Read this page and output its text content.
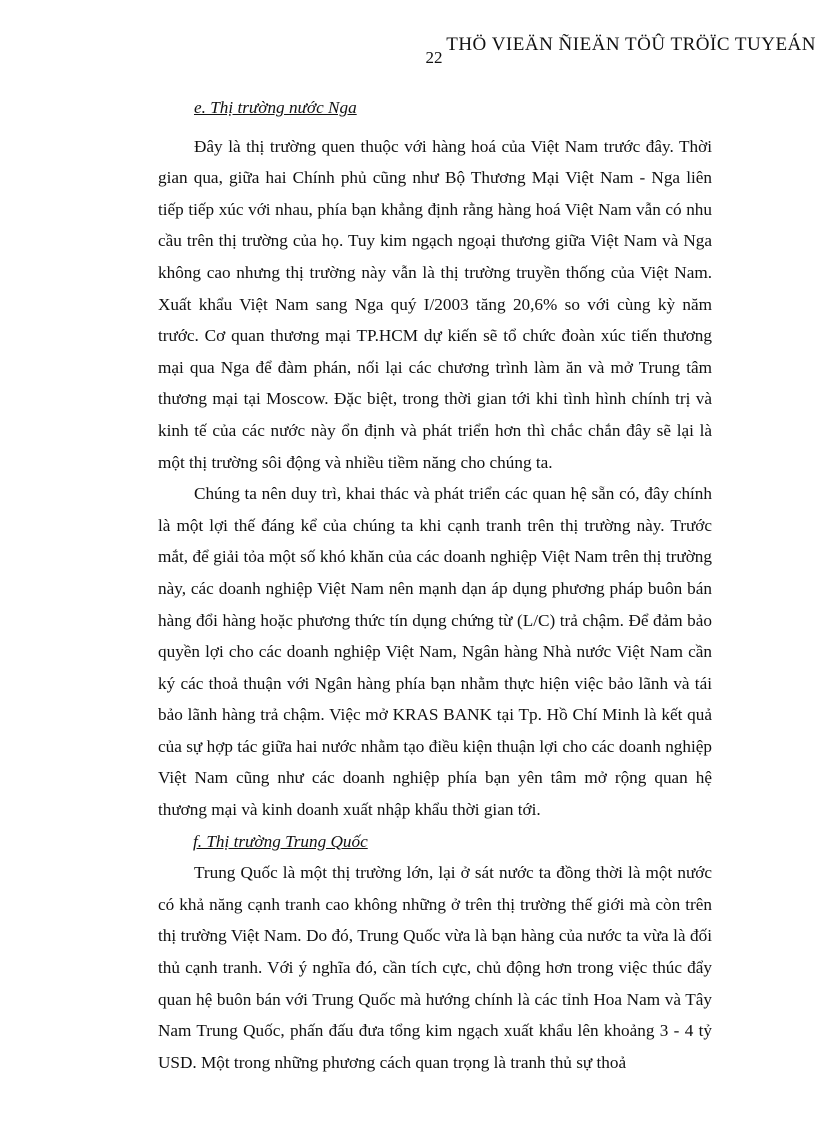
THÖ VIEÄN ÑIEÄN TÖÛ TRÖÏC TUYEÁN
22
e. Thị trường nước Nga

Đây là thị trường quen thuộc với hàng hoá của Việt Nam trước đây. Thời gian qua, giữa hai Chính phủ cũng như Bộ Thương Mại Việt Nam - Nga liên tiếp tiếp xúc với nhau, phía bạn khẳng định rằng hàng hoá Việt Nam vẫn có nhu cầu trên thị trường của họ. Tuy kim ngạch ngoại thương giữa Việt Nam và Nga không cao nhưng thị trường này vẫn là thị trường truyền thống của Việt Nam. Xuất khẩu Việt Nam sang Nga quý I/2003 tăng 20,6% so với cùng kỳ năm trước. Cơ quan thương mại TP.HCM dự kiến sẽ tổ chức đoàn xúc tiến thương mại qua Nga để đàm phán, nối lại các chương trình làm ăn và mở Trung tâm thương mại tại Moscow. Đặc biệt, trong thời gian tới khi tình hình chính trị và kinh tế của các nước này ổn định và phát triển hơn thì chắc chắn đây sẽ lại là một thị trường sôi động và nhiều tiềm năng cho chúng ta.

Chúng ta nên duy trì, khai thác và phát triển các quan hệ sẵn có, đây chính là một lợi thế đáng kể của chúng ta khi cạnh tranh trên thị trường này. Trước mắt, để giải tỏa một số khó khăn của các doanh nghiệp Việt Nam trên thị trường này, các doanh nghiệp Việt Nam nên mạnh dạn áp dụng phương pháp buôn bán hàng đổi hàng hoặc phương thức tín dụng chứng từ (L/C) trả chậm. Để đảm bảo quyền lợi cho các doanh nghiệp Việt Nam, Ngân hàng Nhà nước Việt Nam cần ký các thoả thuận với Ngân hàng phía bạn nhằm thực hiện việc bảo lãnh và tái bảo lãnh hàng trả chậm. Việc mở KRAS BANK tại Tp. Hồ Chí Minh là kết quả của sự hợp tác giữa hai nước nhằm tạo điều kiện thuận lợi cho các doanh nghiệp Việt Nam cũng như các doanh nghiệp phía bạn yên tâm mở rộng quan hệ thương mại và kinh doanh xuất nhập khẩu thời gian tới.

f. Thị trường Trung Quốc

Trung Quốc là một thị trường lớn, lại ở sát nước ta đồng thời là một nước có khả năng cạnh tranh cao không những ở trên thị trường thế giới mà còn trên thị trường Việt Nam. Do đó, Trung Quốc vừa là bạn hàng của nước ta vừa là đối thủ cạnh tranh. Với ý nghĩa đó, cần tích cực, chủ động hơn trong việc thúc đẩy quan hệ buôn bán với Trung Quốc mà hướng chính là các tỉnh Hoa Nam và Tây Nam Trung Quốc, phấn đấu đưa tổng kim ngạch xuất khẩu lên khoảng 3 - 4 tỷ USD. Một trong những phương cách quan trọng là tranh thủ sự thoả
